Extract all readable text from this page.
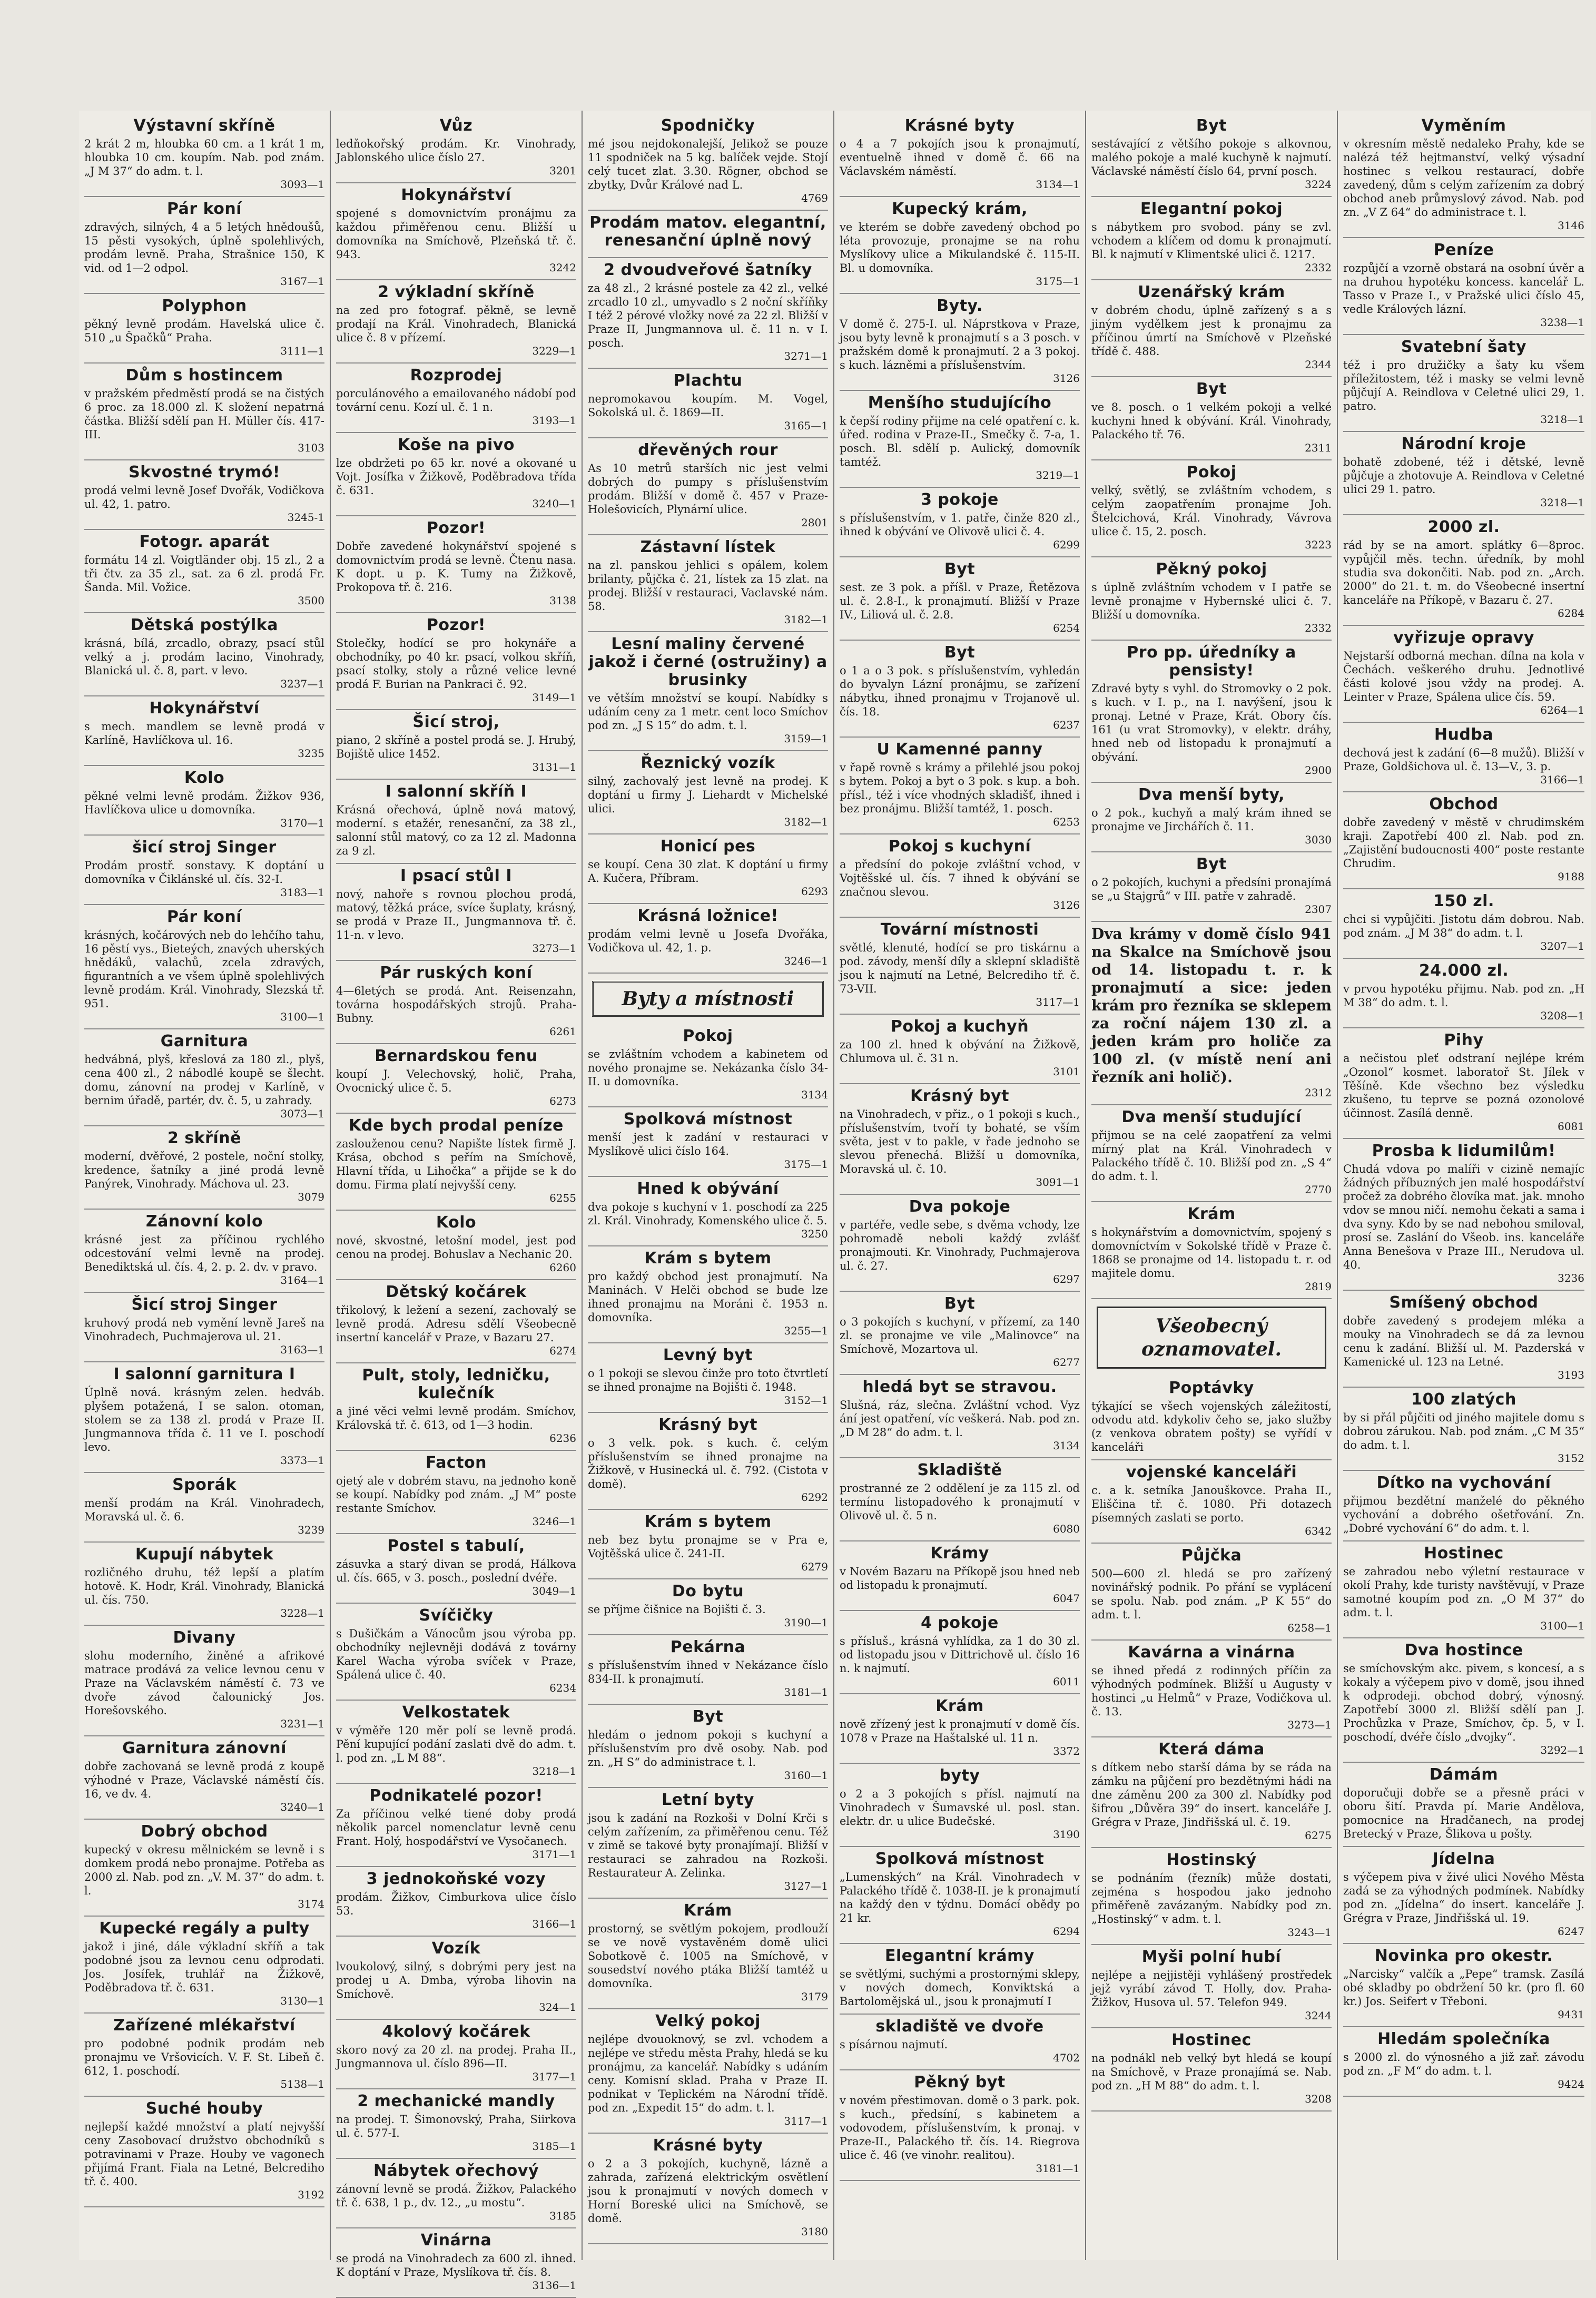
Výstavní skříně

2 krát 2 m, hloubka 60 cm. a 1 krát 1 m, hloubka 10 cm. koupím. Nab. pod znám. „J M 37“ do adm. t. l.

3093—1
Pár koní

zdravých, silných, 4 a 5 letých hnědoušů, 15 pěsti vysokých, úplně spolehlivých, prodám levně. Praha, Strašnice 150, K vid. od 1—2 odpol.

3167—1
Polyphon

pěkný levně prodám. Havelská ulice č. 510 „u Špačků“ Praha.

3111—1
Dům s hostincem

v pražském předměstí prodá se na čistých 6 proc. za 18.000 zl. K složení nepatrná částka. Bližší sdělí pan H. Müller čís. 417-III.

3103
Skvostné trymó!

prodá velmi levně Josef Dvořák, Vodičkova ul. 42, 1. patro.

3245-1
Fotogr. aparát

formátu 14 zl. Voigtländer obj. 15 zl., 2 a tři čtv. za 35 zl., sat. za 6 zl. prodá Fr. Šanda. Mil. Vožice.

3500
Dětská postýlka

krásná, bílá, zrcadlo, obrazy, psací stůl velký a j. prodám lacino, Vinohrady, Blanická ul. č. 8, part. v levo.

3237—1
Hokynářství

s mech. mandlem se levně prodá v Karlíně, Havlíčkova ul. 16.

3235
Kolo

pěkné velmi levně prodám. Žižkov 936, Havlíčkova ulice u domovníka.

3170—1
šicí stroj Singer

Prodám prostř. sonstavy. K doptání u domovníka v Čiklánské ul. čís. 32-I.

3183—1
Pár koní

krásných, kočárových neb do lehčího tahu, 16 pěstí vys., Bieteých, znavých uherských hnědáků, valachů, zcela zdravých, figurantních a ve všem úplně spolehlivých levně prodám. Král. Vinohrady, Slezská tř. 951.

3100—1
Garnitura

hedvábná, plyš, křeslová za 180 zl., plyš, cena 400 zl., 2 nábodlé koupě se šlecht. domu, zánovní na prodej v Karlíně, v bernim úřadě, partér, dv. č. 5, u zahrady.

3073—1
2 skříně

moderní, dvěřové, 2 postele, noční stolky, kredence, šatníky a jiné prodá levně Panýrek, Vinohrady. Máchova ul. 23.

3079
Zánovní kolo

krásné jest za příčinou rychlého odcestování velmi levně na prodej. Benediktská ul. čís. 4, 2. p. 2. dv. v pravo.

3164—1
Šicí stroj Singer

kruhový prodá neb vymění levně Jareš na Vinohradech, Puchmajerova ul. 21.

3163—1
I salonní garnitura I

Úplně nová. krásným zelen. hedváb. plyšem potažená, I se salon. otoman, stolem se za 138 zl. prodá v Praze II. Jungmannova třída č. 11 ve I. poschodí levo.

3373—1
Sporák

menší prodám na Král. Vinohradech, Moravská ul. č. 6.

3239
Kupují nábytek

rozličného druhu, též lepší a platím hotově. K. Hodr, Král. Vinohrady, Blanická ul. čís. 750.

3228—1
Divany

slohu moderního, žiněné a afrikové matrace prodává za velice levnou cenu v Praze na Václavském náměstí č. 73 ve dvoře závod čalounický Jos. Horešovského.

3231—1
Garnitura zánovní

dobře zachovaná se levně prodá z koupě výhodné v Praze, Václavské náměstí čís. 16, ve dv. 4.

3240—1
Dobrý obchod

kupecký v okresu mělnickém se levně i s domkem prodá nebo pronajme. Potřeba as 2000 zl. Nab. pod zn. „V. M. 37“ do adm. t. l.

3174
Kupecké regály a pulty

jakož i jiné, dále výkladní skříň a tak podobné jsou za levnou cenu odprodati. Jos. Josífek, truhlář na Žižkově, Poděbradova tř. č. 631.

3130—1
Zařízené mlékařství

pro podobné podnik prodám neb pronajmu ve Vršovicích. V. F. St. Libeň č. 612, 1. poschodí.

5138—1
Suché houby

nejlepší každé množství a platí nejvyšší ceny Zasobovací družstvo obchodníků s potravinami v Praze. Houby ve vagonech přijímá Frant. Fiala na Letné, Belcrediho tř. č. 400.

3192
Vůz

ledňokořský prodám. Kr. Vinohrady, Jablonského ulice číslo 27.

3201
Hokynářství

spojené s domovnictvím pronájmu za každou přiměřenou cenu. Bližší u domovníka na Smíchově, Plzeňská tř. č. 943.

3242
2 výkladní skříně

na zed pro fotograf. pěkně, se levně prodají na Král. Vinohradech, Blanická ulice č. 8 v přízemí.

3229—1
Rozprodej

porculánového a emailovaného nádobí pod tovární cenu. Kozí ul. č. 1 n.

3193—1
Koše na pivo

lze obdržeti po 65 kr. nové a okované u Vojt. Josífka v Žižkově, Poděbradova třída č. 631.

3240—1
Pozor!

Dobře zavedené hokynářství spojené s domovnictvím prodá se levně. Čtenu nasa. K dopt. u p. K. Tumy na Žižkově, Prokopova tř. č. 216.

3138
Pozor!

Stolečky, hodící se pro hokynáře a obchodníky, po 40 kr. psací, volkou skříň, psací stolky, stoly a různé velice levné prodá F. Burian na Pankraci č. 92.

3149—1
Šicí stroj,

piano, 2 skříně a postel prodá se. J. Hrubý, Bojiště ulice 1452.

3131—1
I salonní skříň I

Krásná ořechová, úplně nová matový, moderní. s etažér, renesanční, za 38 zl., salonní stůl matový, co za 12 zl. Madonna za 9 zl.

I psací stůl I

nový, nahoře s rovnou plochou prodá, matový, těžká práce, svíce šuplaty, krásný, se prodá v Praze II., Jungmannova tř. č. 11-n. v levo.

3273—1
Pár ruských koní

4—6letých se prodá. Ant. Reisenzahn, továrna hospodářských strojů. Praha-Bubny.

6261
Bernardskou fenu

koupí J. Velechovský, holič, Praha, Ovocnický ulice č. 5.

6273
Kde bych prodal peníze

zaslouženou cenu? Napište lístek firmě J. Krása, obchod s peřím na Smíchově, Hlavní třída, u Lihočka“ a přijde se k do domu. Firma platí nejvyšší ceny.

6255
Kolo

nové, skvostné, letošní model, jest pod cenou na prodej. Bohuslav a Nechanic 20.

6260
Dětský kočárek

třikolový, k ležení a sezení, zachovalý se levně prodá. Adresu sdělí Všeobecně insertní kancelář v Praze, v Bazaru 27.

6274
Pult, stoly, ledničku, kulečník

a jiné věci velmi levně prodám. Smíchov, Královská tř. č. 613, od 1—3 hodin.

6236
Facton

ojetý ale v dobrém stavu, na jednoho koně se koupí. Nabídky pod znám. „J M“ poste restante Smíchov.

3246—1
Postel s tabulí,

zásuvka a starý divan se prodá, Hálkova ul. čís. 665, v 3. posch., poslední dvéře.

3049—1
Svíčičky

s Dušičkám a Vánocům jsou výroba pp. obchodníky nejlevněji dodává z továrny Karel Wacha výroba svíček v Praze, Spálená ulice č. 40.

6234
Velkostatek

v výměře 120 měr polí se levně prodá. Pění kupující podání zaslati dvě do adm. t. l. pod zn. „L M 88“.

3218—1
Podnikatelé pozor!

Za příčinou velké tiené doby prodá několik parcel nomenclatur levně cenu Frant. Holý, hospodářství ve Vysočanech.

3171—1
3 jednokoňské vozy

prodám. Žižkov, Cimburkova ulice číslo 53.

3166—1
Vozík

lvoukolový, silný, s dobrými pery jest na prodej u A. Dmba, výroba lihovin na Smíchově.

324—1
4kolový kočárek

skoro nový za 20 zl. na prodej. Praha II., Jungmannova ul. číslo 896—II.

3177—1
2 mechanické mandly

na prodej. T. Šimonovský, Praha, Siirkova ul. č. 577-I.

3185—1
Nábytek ořechový

zánovní levně se prodá. Žižkov, Palackého tř. č. 638, 1 p., dv. 12., „u mostu“.

3185
Vinárna

se prodá na Vinohradech za 600 zl. ihned. K doptání v Praze, Myslíkova tř. čís. 8.

3136—1
Spodničky

mé jsou nejdokonalejší, Jelikož se pouze 11 spodniček na 5 kg. balíček vejde. Stojí celý tucet zlat. 3.30. Rögner, obchod se zbytky, Dvůr Králové nad L.

4769
Prodám matov. elegantní, renesanční úplně nový
2 dvoudveřové šatníky

za 48 zl., 2 krásné postele za 42 zl., velké zrcadlo 10 zl., umyvadlo s 2 noční skříňky I též 2 pérové vložky nové za 22 zl. Bližší v Praze II, Jungmannova ul. č. 11 n. v I. posch.

3271—1
Plachtu

nepromokavou koupím. M. Vogel, Sokolská ul. č. 1869—II.

3165—1
dřevěných rour

As 10 metrů starších nic jest velmi dobrých do pumpy s příslušenstvím prodám. Bližší v domě č. 457 v Praze-Holešovicích, Plynární ulice.

2801
Zástavní lístek

na zl. panskou jehlici s opálem, kolem brilanty, půjčka č. 21, lístek za 15 zlat. na prodej. Bližší v restauraci, Vaclavské nám. 58.

3182—1
Lesní maliny červené jakož i černé (ostružiny) a brusinky

ve větším množství se koupí. Nabídky s udáním ceny za 1 metr. cent loco Smíchov pod zn. „J S 15“ do adm. t. l.

3159—1
Řeznický vozík

silný, zachovalý jest levně na prodej. K doptání u firmy J. Liehardt v Michelské ulici.

3182—1
Honicí pes

se koupí. Cena 30 zlat. K doptání u firmy A. Kučera, Příbram.

6293
Krásná ložnice!

prodám velmi levně u Josefa Dvořáka, Vodičkova ul. 42, 1. p.

3246—1
Byty a místnosti
Pokoj

se zvláštním vchodem a kabinetem od nového pronajme se. Nekázanka číslo 34-II. u domovníka.

3134
Spolková místnost

menší jest k zadání v restauraci v Myslíkově ulici číslo 164.

3175—1
Hned k obývání

dva pokoje s kuchyní v 1. poschodí za 225 zl. Král. Vinohrady, Komenského ulice č. 5.

3250
Krám s bytem

pro každý obchod jest pronajmutí. Na Maninách. V Helči obchod se bude lze ihned pronajmu na Moráni č. 1953 n. domovníka.

3255—1
Levný byt

o 1 pokoji se slevou činže pro toto čtvrtletí se ihned pronajme na Bojišti č. 1948.

3152—1
Krásný byt

o 3 velk. pok. s kuch. č. celým příslušenstvím se ihned pronajme na Žižkově, v Husinecká ul. č. 792. (Cistota v domě).

6292
Krám s bytem

neb bez bytu pronajme se v Pra e, Vojtěšská ulice č. 241-II.

6279
Do bytu

se příjme čišnice na Bojišti č. 3.

3190—1
Pekárna

s příslušenstvím ihned v Nekázance číslo 834-II. k pronajmutí.

3181—1
Byt

hledám o jednom pokoji s kuchyní a příslušenstvím pro dvě osoby. Nab. pod zn. „H S“ do administrace t. l.

3160—1
Letní byty

jsou k zadání na Rozkoši v Dolní Krči s celým zařízením, za přiměřenou cenu. Též v zimě se takové byty pronajímají. Bližší v restauraci se zahradou na Rozkoši. Restaurateur A. Zelinka.

3127—1
Krám

prostorný, se světlým pokojem, prodlouží se ve nově vystavěném domě ulici Sobotkově č. 1005 na Smíchově, v sousedství nového ptáka Bližší tamtéž u domovníka.

3179
Velký pokoj

nejlépe dvouoknový, se zvl. vchodem a nejlépe ve středu města Prahy, hledá se ku pronájmu, za kancelář. Nabídky s udáním ceny. Komisní sklad. Praha v Praze II. podnikat v Teplickém na Národní třídě. pod zn. „Expedit 15“ do adm. t. l.

3117—1
Krásné byty

o 2 a 3 pokojích, kuchyně, lázně a zahrada, zařízená elektrickým osvětlení jsou k pronajmutí v nových domech v Horní Boreské ulici na Smíchově, se domě.

3180
Krásné byty

o 4 a 7 pokojích jsou k pronajmutí, eventuelně ihned v domě č. 66 na Václavském náměstí.

3134—1
Kupecký krám,

ve kterém se dobře zavedený obchod po léta provozuje, pronajme se na rohu Myslíkovy ulice a Mikulandské č. 115-II. Bl. u domovníka.

3175—1
Byty.

V domě č. 275-I. ul. Náprstkova v Praze, jsou byty levně k pronajmutí s a 3 posch. v pražském domě k pronajmutí. 2 a 3 pokoj. s kuch. lázněmi a příslušenstvím.

3126
Menšího studujícího

k čepší rodiny přijme na celé opatření c. k. úřed. rodina v Praze-II., Smečky č. 7-a, 1. posch. Bl. sdělí p. Aulický, domovník tamtéž.

3219—1
3 pokoje

s příslušenstvím, v 1. patře, činže 820 zl., ihned k obývání ve Olivově ulici č. 4.

6299
Byt

sest. ze 3 pok. a příšl. v Praze, Řetězova ul. č. 2.8-I., k pronajmutí. Bližší v Praze IV., Liliová ul. č. 2.8.

6254
Byt

o 1 a o 3 pok. s příslušenstvím, vyhledán do byvalyn Lázní pronájmu, se zařízení nábytku, ihned pronajmu v Trojanově ul. čís. 18.

6237
U Kamenné panny

v řapě rovně s krámy a přilehlé jsou pokoj s bytem. Pokoj a byt o 3 pok. s kup. a boh. přísl., též i více vhodných skladišť, ihned i bez pronájmu. Bližší tamtéž, 1. posch.

6253
Pokoj s kuchyní

a předsíní do pokoje zvláštní vchod, v Vojtěšské ul. čís. 7 ihned k obývání se značnou slevou.

3126
Tovární místnosti

světlé, klenuté, hodící se pro tiskárnu a pod. závody, menší díly a sklepní skladiště jsou k najmutí na Letné, Belcrediho tř. č. 73-VII.

3117—1
Pokoj a kuchyň

za 100 zl. hned k obývání na Žižkově, Chlumova ul. č. 31 n.

3101
Krásný byt

na Vinohradech, v přiz., o 1 pokoji s kuch., příslušenstvím, tvoří ty bohaté, se vším světa, jest v to pakle, v řade jednoho se slevou přenechá. Bližší u domovníka, Moravská ul. č. 10.

3091—1
Dva pokoje

v partéře, vedle sebe, s dvěma vchody, lze pohromadě neboli každý zvlášť pronajmouti. Kr. Vinohrady, Puchmajerova ul. č. 27.

6297
Byt

o 3 pokojích s kuchyní, v přízemí, za 140 zl. se pronajme ve vile „Malinovce“ na Smíchově, Mozartova ul.

6277
hledá byt se stravou.

Slušná, ráz, slečna. Zvláštní vchod. Vyz ání jest opatření, víc veškerá. Nab. pod zn. „D M 28“ do adm. t. l.

3134
Skladiště

prostranné ze 2 oddělení je za 115 zl. od termínu listopadového k pronajmutí v Olivově ul. č. 5 n.

6080
Krámy

v Novém Bazaru na Příkopě jsou hned neb od listopadu k pronajmutí.

6047
4 pokoje

s přísluš., krásná vyhlídka, za 1 do 30 zl. od listopadu jsou v Dittrichově ul. číslo 16 n. k najmutí.

6011
Krám

nově zřízený jest k pronajmutí v domě čís. 1078 v Praze na Haštalské ul. 11 n.

3372
byty

o 2 a 3 pokojích s přísl. najmutí na Vinohradech v Šumavské ul. posl. stan. elektr. dr. u ulice Budečské.

3190
Spolková místnost

„Lumenských“ na Král. Vinohradech v Palackého třídě č. 1038-II. je k pronajmutí na každý den v týdnu. Domácí obědy po 21 kr.

6294
Elegantní krámy

se světlými, suchými a prostornými sklepy, v nových domech, Konviktská a Bartolomějská ul., jsou k pronajmutí I

skladiště ve dvoře

s písárnou najmutí.

4702
Pěkný byt

v novém přestimovan. domě o 3 park. pok. s kuch., předsíní, s kabinetem a vodovodem, příslušenstvím, k pronaj. v Praze-II., Palackého tř. čís. 14. Riegrova ulice č. 46 (ve vinohr. realitou).

3181—1
Byt

sestávající z většího pokoje s alkovnou, malého pokoje a malé kuchyně k najmutí. Václavské náměstí číslo 64, první posch.

3224
Elegantní pokoj

s nábytkem pro svobod. pány se zvl. vchodem a klíčem od domu k pronajmutí. Bl. k najmutí v Klimentské ulici č. 1217.

2332
Uzenářský krám

v dobrém chodu, úplně zařízený s a s jiným vydělkem jest k pronajmu za příčinou úmrtí na Smíchově v Plzeňské třídě č. 488.

2344
Byt

ve 8. posch. o 1 velkém pokoji a velké kuchyni hned k obývání. Král. Vinohrady, Palackého tř. 76.

2311
Pokoj

velký, světlý, se zvláštním vchodem, s celým zaopatřením pronajme Joh. Štelcichová, Král. Vinohrady, Vávrova ulice č. 15, 2. posch.

3223
Pěkný pokoj

s úplně zvláštním vchodem v I patře se levně pronajme v Hybernské ulici č. 7. Bližší u domovníka.

2332
Pro pp. úředníky a pensisty!

Zdravé byty s vyhl. do Stromovky o 2 pok. s kuch. v I. p., na I. navýšení, jsou k pronaj. Letné v Praze, Krát. Obory čís. 161 (u vrat Stromovky), v elektr. dráhy, hned neb od listopadu k pronajmutí a obývání.

2900
Dva menší byty,

o 2 pok., kuchyň a malý krám ihned se pronajme ve Jirchářích č. 11.

3030
Byt

o 2 pokojích, kuchyni a předsíni pronajímá se „u Stajgrů“ v III. patře v zahradě.

2307

Dva krámy v domě číslo 941 na Skalce na Smíchově jsou od 14. listopadu t. r. k pronajmutí a sice: jeden krám pro řezníka se sklepem za roční nájem 130 zl. a jeden krám pro holiče za 100 zl. (v místě není ani řezník ani holič).

2312
Dva menší studující

přijmou se na celé zaopatření za velmi mírný plat na Král. Vinohradech v Palackého třídě č. 10. Bližší pod zn. „S 4“ do adm. t. l.

2770
Krám

s hokynářstvím a domovnictvím, spojený s domovníctvím v Sokolské třídě v Praze č. 1868 se pronajme od 14. listopadu t. r. od majitele domu.

2819
Všeobecný oznamovatel.
Poptávky

týkající se všech vojenských záležitostí, odvodu atd. kdykoliv čeho se, jako služby (z venkova obratem pošty) se vyřídí v kanceláři

vojenské kanceláři

c. a k. setníka Janouškovce. Praha II., Eliščina tř. č. 1080. Při dotazech písemných zaslati se porto.

6342
Půjčka

500—600 zl. hledá se pro zařízený novinářský podnik. Po přání se vyplácení se spolu. Nab. pod znám. „P K 55“ do adm. t. l.

6258—1
Kavárna a vinárna

se ihned předá z rodinných příčin za výhodných podmínek. Bližší u Augusty v hostinci „u Helmů“ v Praze, Vodičkova ul. č. 13.

3273—1
Která dáma

s dítkem nebo starší dáma by se ráda na zámku na půjčení pro bezdětnými hádi na dne záměnu 200 za 300 zl. Nabídky pod šifrou „Důvěra 39“ do insert. kanceláře J. Grégra v Praze, Jindřišská ul. č. 19.

6275
Hostinský

se podnáním (řezník) může dostati, zejména s hospodou jako jednoho přiměřeně zavázaným. Nabídky pod zn. „Hostinský“ v adm. t. l.

3243—1
Myši polní hubí

nejlépe a nejjistěji vyhlášený prostředek jejž vyrábí závod T. Holly, dov. Praha-Žižkov, Husova ul. 57. Telefon 949.

3244
Hostinec

na podnákl neb velký byt hledá se koupí na Smíchově, v Praze pronajímá se. Nab. pod zn. „H M 88“ do adm. t. l.

3208
Vyměním

v okresním městě nedaleko Prahy, kde se nalézá též hejtmanství, velký výsadní hostinec s velkou restaurací, dobře zavedený, dům s celým zařízením za dobrý obchod aneb průmyslový závod. Nab. pod zn. „V Z 64“ do administrace t. l.

3146
Peníze

rozpůjčí a vzorně obstará na osobní úvěr a na druhou hypotéku koncess. kancelář L. Tasso v Praze I., v Pražské ulici číslo 45, vedle Králových lázní.

3238—1
Svatební šaty

též i pro družičky a šaty ku všem příležitostem, též i masky se velmi levně půjčují A. Reindlova v Celetné ulici 29, 1. patro.

3218—1
Národní kroje

bohatě zdobené, též i dětské, levně půjčuje a zhotovuje A. Reindlova v Celetné ulici 29 1. patro.

3218—1
2000 zl.

rád by se na amort. splátky 6—8proc. vypůjčil měs. techn. úředník, by mohl studia sva dokončiti. Nab. pod zn. „Arch. 2000“ do 21. t. m. do Všeobecné insertní kanceláře na Příkopě, v Bazaru č. 27.

6284
vyřizuje opravy

Nejstarší odborná mechan. dílna na kola v Čechách. veškerého druhu. Jednotlivé části kolové jsou vždy na prodej. A. Leinter v Praze, Spálena ulice čís. 59.

6264—1
Hudba

dechová jest k zadání (6—8 mužů). Bližší v Praze, Goldšichova ul. č. 13—V., 3. p.

3166—1
Obchod

dobře zavedený v městě v chrudimském kraji. Zapotřebí 400 zl. Nab. pod zn. „Zajistění budoucnosti 400“ poste restante Chrudim.

9188
150 zl.

chci si vypůjčiti. Jistotu dám dobrou. Nab. pod znám. „J M 38“ do adm. t. l.

3207—1
24.000 zl.

v prvou hypotéku přijmu. Nab. pod zn. „H M 38“ do adm. t. l.

3208—1
Pihy

a nečistou pleť odstraní nejlépe krém „Ozonol“ kosmet. laboratoř St. Jílek v Těšíně. Kde všechno bez výsledku zkušeno, tu teprve se pozná ozonolové účinnost. Zasílá denně.

6081
Prosba k lidumilům!

Chudá vdova po malíři v cizině nemajíc žádných příbuzných jen malé hospodářství pročež za dobrého človíka mat. jak. mnoho vdov se mnou ničí. nemohu čekati a sama i dva syny. Kdo by se nad nebohou smiloval, prosí se. Zaslání do Všeob. ins. kanceláře Anna Benešova v Praze III., Nerudova ul. 40.

3236
Smíšený obchod

dobře zavedený s prodejem mléka a mouky na Vinohradech se dá za levnou cenu k zadání. Bližší ul. M. Pazderská v Kamenické ul. 123 na Letné.

3193
100 zlatých

by si přál půjčiti od jiného majitele domu s dobrou zárukou. Nab. pod znám. „C M 35“ do adm. t. l.

3152
Dítko na vychování

přijmou bezdětní manželé do pěkného vychování a dobrého ošetřování. Zn. „Dobré vychování 6“ do adm. t. l.

Hostinec

se zahradou nebo výletní restaurace v okolí Prahy, kde turisty navštěvují, v Praze samotné koupím pod zn. „O M 37“ do adm. t. l.

3100—1
Dva hostince

se smíchovským akc. pivem, s koncesí, a s kokaly a výčepem pivo v domě, jsou ihned k odprodeji. obchod dobrý, výnosný. Zapotřebí 3000 zl. Bližší sdělí pan J. Prochůzka v Praze, Smíchov, čp. 5, v I. poschodí, dvéře číslo „dvojky“.

3292—1
Dámám

doporučuji dobře se a přesně práci v oboru šití. Pravda pí. Marie Andělova, pomocnice na Hradčanech, na prodej Bretecký v Praze, Šlikova u pošty.

Jídelna

s výčepem piva v živé ulici Nového Města zadá se za výhodných podmínek. Nabídky pod zn. „Jídelna“ do insert. kanceláře J. Grégra v Praze, Jindřišská ul. 19.

6247
Novinka pro okestr.

„Narcisky“ valčík a „Pepe“ tramsk. Zasílá obé skladby po obdržení 50 kr. (pro fl. 60 kr.) Jos. Seifert v Třeboni.

9431
Hledám společníka

s 2000 zl. do výnosného a již zař. závodu pod zn. „F M“ do adm. t. l.

9424
